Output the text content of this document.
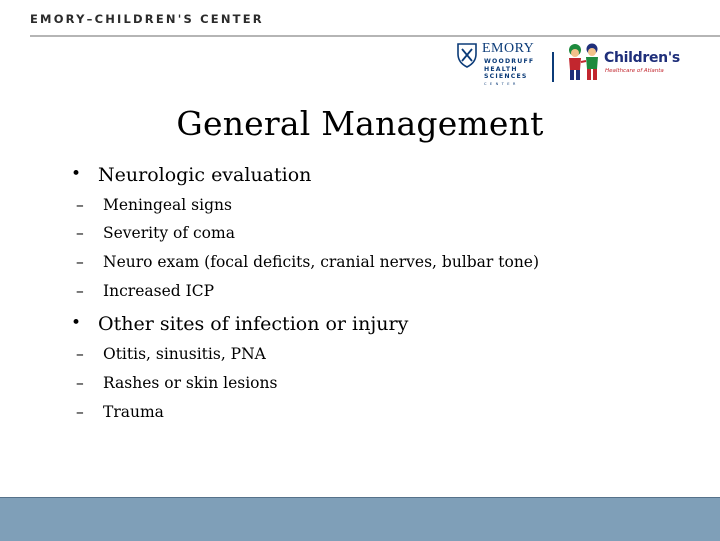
EMORY–CHILDREN'S CENTER
EMORY
WOODRUFF
HEALTH
SCIENCES
CENTER
Children's
Healthcare of Atlanta
General Management
• Neurologic evaluation
– Meningeal signs
– Severity of coma
– Neuro exam (focal deficits, cranial nerves, bulbar tone)
– Increased ICP
• Other sites of infection or injury
– Otitis, sinusitis, PNA
– Rashes or skin lesions
– Trauma
